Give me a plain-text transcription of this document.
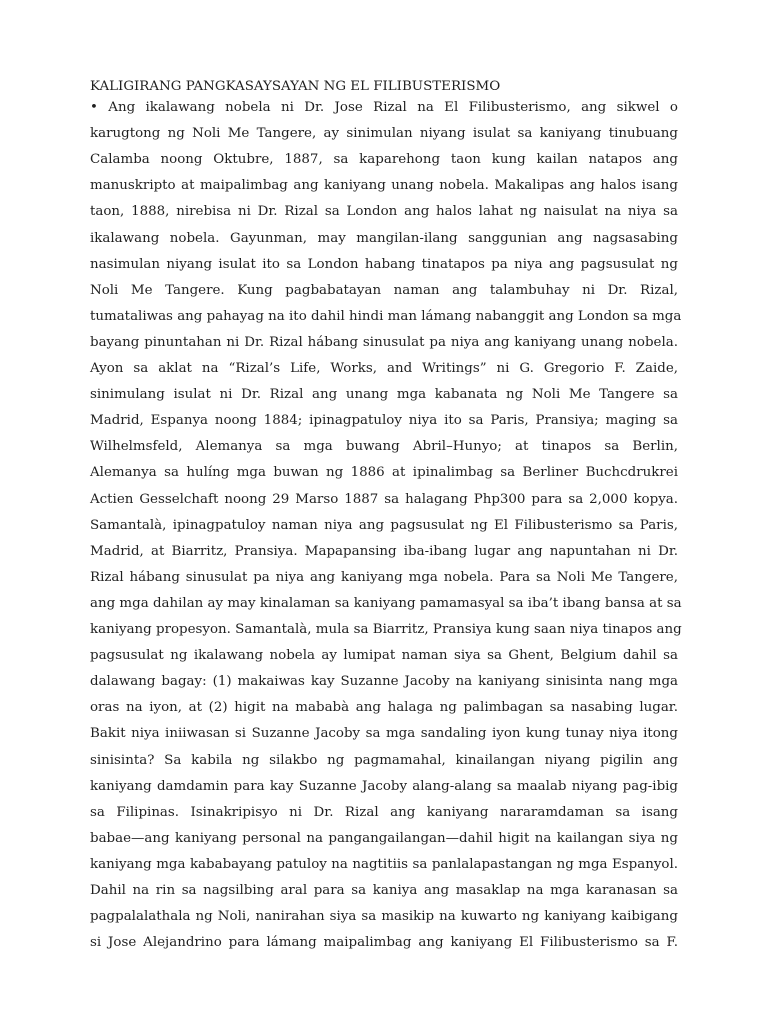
KALIGIRANG PANGKASAYSAYAN NG EL FILIBUSTERISMO
• Ang ikalawang nobela ni Dr. Jose Rizal na El Filibusterismo, ang sikwel o
karugtong ng Noli Me Tangere, ay sinimulan niyang isulat sa kaniyang tinubuang
Calamba noong Oktubre, 1887, sa kaparehong taon kung kailan natapos ang
manuskripto at maipalimbag ang kaniyang unang nobela. Makalipas ang halos isang
taon, 1888, nirebisa ni Dr. Rizal sa London ang halos lahat ng naisulat na niya sa
ikalawang nobela. Gayunman, may mangilan-ilang sanggunian ang nagsasabing
nasimulan niyang isulat ito sa London habang tinatapos pa niya ang pagsusulat ng
Noli Me Tangere. Kung pagbabatayan naman ang talambuhay ni Dr. Rizal,
tumataliwas ang pahayag na ito dahil hindi man lámang nabanggit ang London sa mga
bayang pinuntahan ni Dr. Rizal hábang sinusulat pa niya ang kaniyang unang nobela.
Ayon sa aklat na “Rizal’s Life, Works, and Writings” ni G. Gregorio F. Zaide,
sinimulang isulat ni Dr. Rizal ang unang mga kabanata ng Noli Me Tangere sa
Madrid, Espanya noong 1884; ipinagpatuloy niya ito sa Paris, Pransiya; maging sa
Wilhelmsfeld, Alemanya sa mga buwang Abril–Hunyo; at tinapos sa Berlin,
Alemanya sa hulíng mga buwan ng 1886 at ipinalimbag sa Berliner Buchcdrukrei
Actien Gesselchaft noong 29 Marso 1887 sa halagang Php300 para sa 2,000 kopya.
Samantalà, ipinagpatuloy naman niya ang pagsusulat ng El Filibusterismo sa Paris,
Madrid, at Biarritz, Pransiya. Mapapansing iba-ibang lugar ang napuntahan ni Dr.
Rizal hábang sinusulat pa niya ang kaniyang mga nobela. Para sa Noli Me Tangere,
ang mga dahilan ay may kinalaman sa kaniyang pamamasyal sa iba’t ibang bansa at sa
kaniyang propesyon. Samantalà, mula sa Biarritz, Pransiya kung saan niya tinapos ang
pagsusulat ng ikalawang nobela ay lumipat naman siya sa Ghent, Belgium dahil sa
dalawang bagay: (1) makaiwas kay Suzanne Jacoby na kaniyang sinisinta nang mga
oras na iyon, at (2) higit na mababà ang halaga ng palimbagan sa nasabing lugar.
Bakit niya iniiwasan si Suzanne Jacoby sa mga sandaling iyon kung tunay niya itong
sinisinta? Sa kabila ng silakbo ng pagmamahal, kinailangan niyang pigilin ang
kaniyang damdamin para kay Suzanne Jacoby alang-alang sa maalab niyang pag-ibig
sa Filipinas. Isinakripisyo ni Dr. Rizal ang kaniyang nararamdaman sa isang
babae—ang kaniyang personal na pangangailangan—dahil higit na kailangan siya ng
kaniyang mga kababayang patuloy na nagtitiis sa panlalapastangan ng mga Espanyol.
Dahil na rin sa nagsilbing aral para sa kaniya ang masaklap na mga karanasan sa
pagpalalathala ng Noli, nanirahan siya sa masikip na kuwarto ng kaniyang kaibigang
si Jose Alejandrino para lámang maipalimbag ang kaniyang El Filibusterismo sa F.
